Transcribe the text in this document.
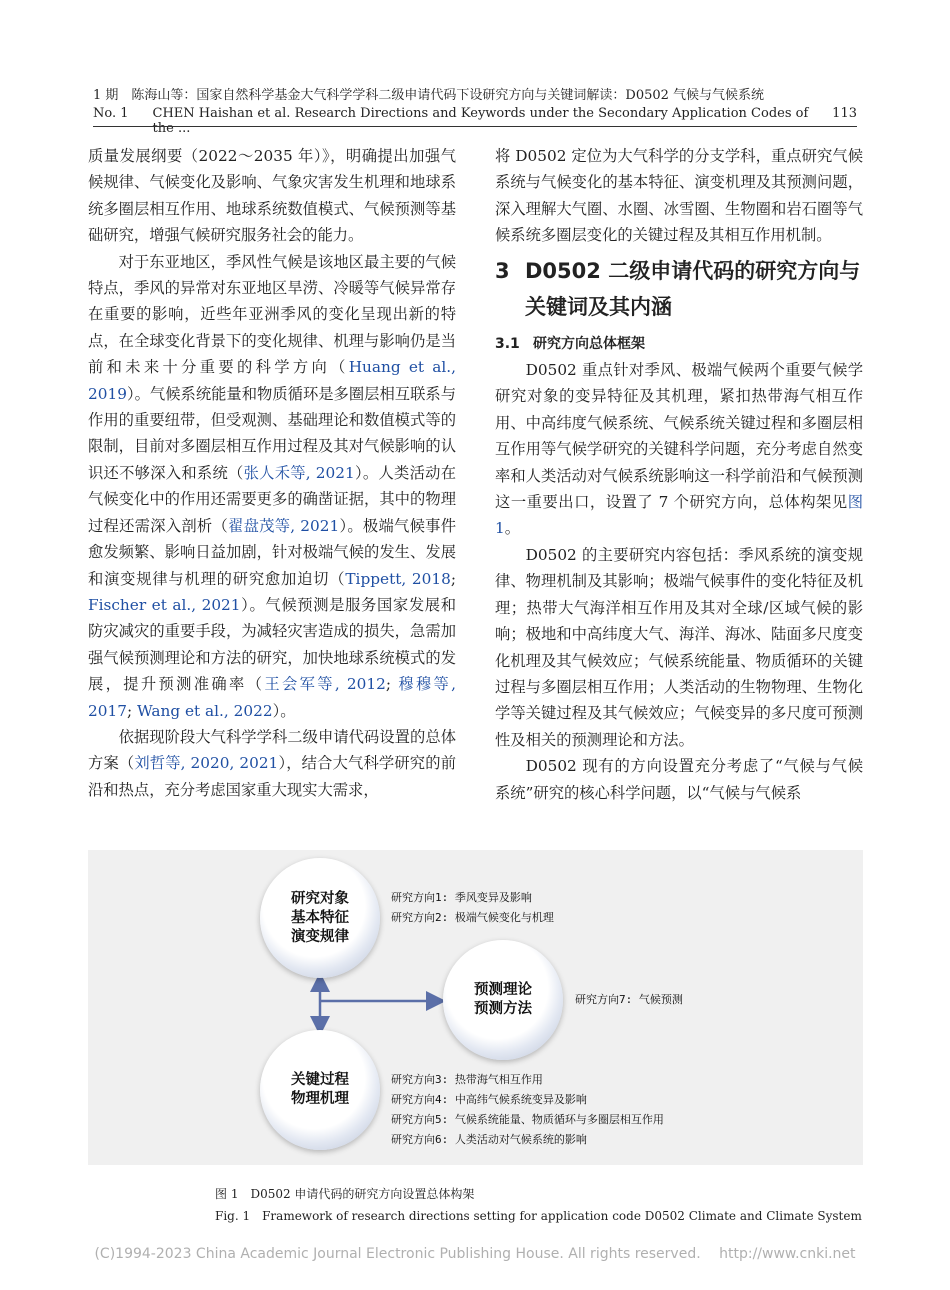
1 期　陈海山等：国家自然科学基金大气科学学科二级申请代码下设研究方向与关键词解读：D0502 气候与气候系统
No. 1 CHEN Haishan et al. Research Directions and Keywords under the Secondary Application Codes of the ...
113

质量发展纲要（2022～2035 年）》，明确提出加强气候规律、气候变化及影响、气象灾害发生机理和地球系统多圈层相互作用、地球系统数值模式、气候预测等基础研究，增强气候研究服务社会的能力。

对于东亚地区，季风性气候是该地区最主要的气候特点，季风的异常对东亚地区旱涝、冷暖等气候异常存在重要的影响，近些年亚洲季风的变化呈现出新的特点，在全球变化背景下的变化规律、机理与影响仍是当前和未来十分重要的科学方向（Huang et al., 2019）。气候系统能量和物质循环是多圈层相互联系与作用的重要纽带，但受观测、基础理论和数值模式等的限制，目前对多圈层相互作用过程及其对气候影响的认识还不够深入和系统（张人禾等, 2021）。人类活动在气候变化中的作用还需要更多的确凿证据，其中的物理过程还需深入剖析（翟盘茂等, 2021）。极端气候事件愈发频繁、影响日益加剧，针对极端气候的发生、发展和演变规律与机理的研究愈加迫切（Tippett, 2018; Fischer et al., 2021）。气候预测是服务国家发展和防灾减灾的重要手段，为减轻灾害造成的损失，急需加强气候预测理论和方法的研究，加快地球系统模式的发展，提升预测准确率（王会军等, 2012; 穆穆等, 2017; Wang et al., 2022）。

依据现阶段大气科学学科二级申请代码设置的总体方案（刘哲等, 2020, 2021），结合大气科学研究的前沿和热点，充分考虑国家重大现实大需求，

将 D0502 定位为大气科学的分支学科，重点研究气候系统与气候变化的基本特征、演变机理及其预测问题，深入理解大气圈、水圈、冰雪圈、生物圈和岩石圈等气候系统多圈层变化的关键过程及其相互作用机制。

3 D0502 二级申请代码的研究方向与
关键词及其内涵
3.1 研究方向总体框架

D0502 重点针对季风、极端气候两个重要气候学研究对象的变异特征及其机理，紧扣热带海气相互作用、中高纬度气候系统、气候系统关键过程和多圈层相互作用等气候学研究的关键科学问题，充分考虑自然变率和人类活动对气候系统影响这一科学前沿和气候预测这一重要出口，设置了 7 个研究方向，总体构架见图 1。

D0502 的主要研究内容包括：季风系统的演变规律、物理机制及其影响；极端气候事件的变化特征及机理；热带大气海洋相互作用及其对全球/区域气候的影响；极地和中高纬度大气、海洋、海冰、陆面多尺度变化机理及其气候效应；气候系统能量、物质循环的关键过程与多圈层相互作用；人类活动的生物物理、生物化学等关键过程及其气候效应；气候变异的多尺度可预测性及相关的预测理论和方法。

D0502 现有的方向设置充分考虑了“气候与气候系统”研究的核心科学问题，以“气候与气候系

研究对象
基本特征
演变规律
预测理论
预测方法
关键过程
物理机理
研究方向1: 季风变异及影响
研究方向2: 极端气候变化与机理
研究方向7: 气候预测
研究方向3: 热带海气相互作用
研究方向4: 中高纬气候系统变异及影响
研究方向5: 气候系统能量、物质循环与多圈层相互作用
研究方向6: 人类活动对气候系统的影响
图 1　D0502 申请代码的研究方向设置总体构架
Fig. 1　Framework of research directions setting for application code D0502 Climate and Climate System
(C)1994-2023 China Academic Journal Electronic Publishing House. All rights reserved.　 http://www.cnki.net
